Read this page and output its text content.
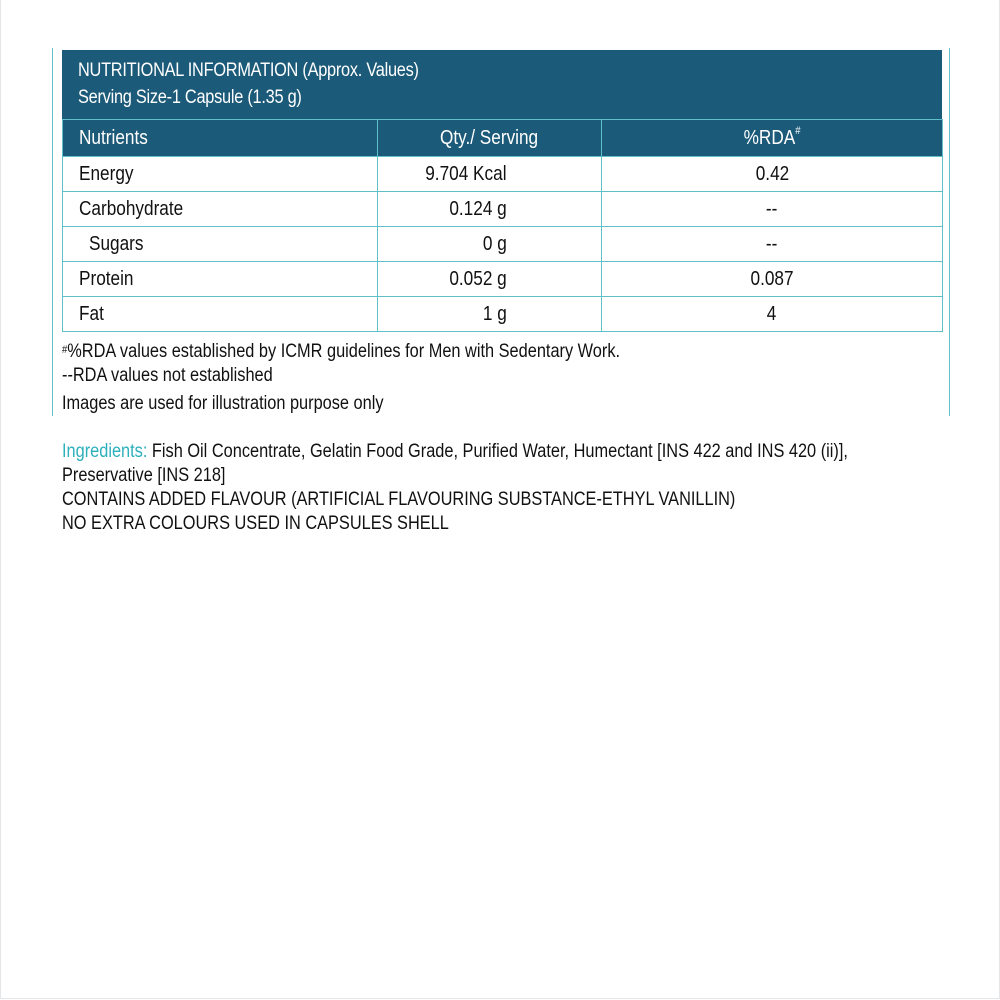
NUTRITIONAL INFORMATION (Approx. Values)
Serving Size-1 Capsule (1.35 g)
Nutrients	Qty./ Serving	%RDA#
Energy	9.704 Kcal	0.42
Carbohydrate	0.124 g	--
Sugars	0 g	--
Protein	0.052 g	0.087
Fat	1 g	4
#%RDA values established by ICMR guidelines for Men with Sedentary Work.
--RDA values not established
Images are used for illustration purpose only
Ingredients: Fish Oil Concentrate, Gelatin Food Grade, Purified Water, Humectant [INS 422 and INS 420 (ii)],
Preservative [INS 218]
CONTAINS ADDED FLAVOUR (ARTIFICIAL FLAVOURING SUBSTANCE-ETHYL VANILLIN)
NO EXTRA COLOURS USED IN CAPSULES SHELL
